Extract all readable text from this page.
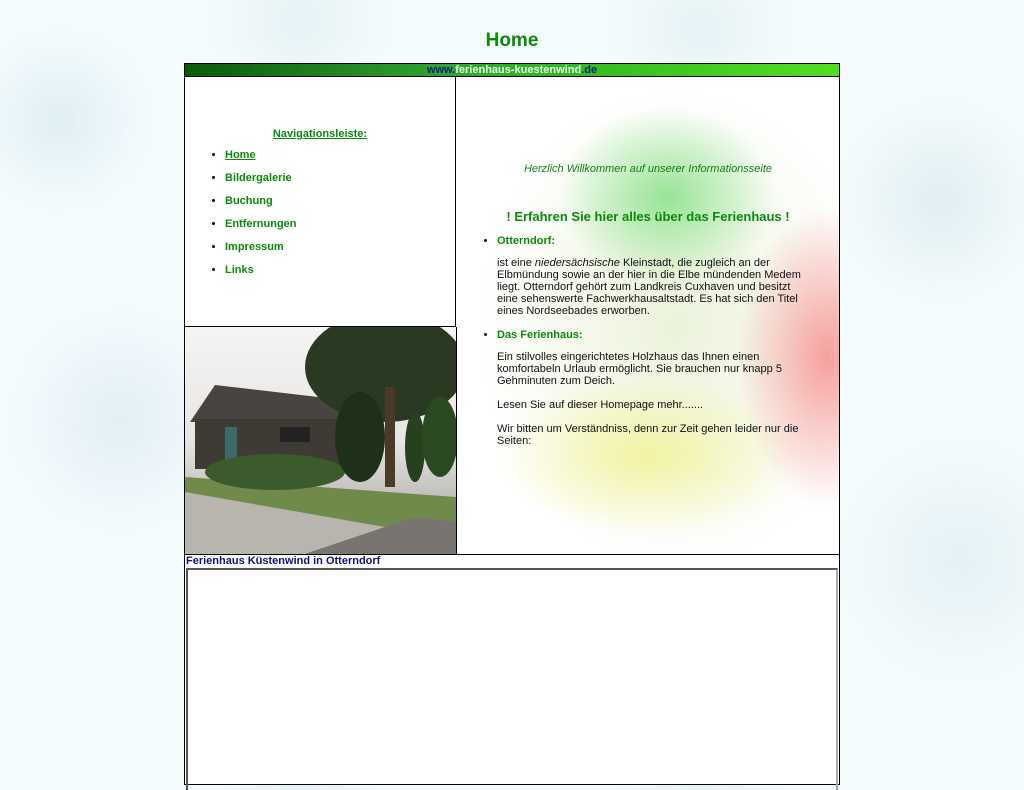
Home
www.ferienhaus-kuestenwind.de
Navigationsleiste:
• Home
• Bildergalerie
• Buchung
• Entfernungen
• Impressum
• Links
Herzlich Willkommen auf unserer Informationsseite
! Erfahren Sie hier alles über das Ferienhaus !
• Otterndorf:

ist eine niedersächsische Kleinstadt, die zugleich an der Elbmündung sowie an der hier in die Elbe mündenden Medem liegt. Otterndorf gehört zum Landkreis Cuxhaven und besitzt eine sehenswerte Fachwerkhausaltstadt. Es hat sich den Titel eines Nordseebades erworben.

• Das Ferienhaus:

Ein stilvolles eingerichtetes Holzhaus das Ihnen einen komfortabeln Urlaub ermöglicht. Sie brauchen nur knapp 5 Gehminuten zum Deich.

Lesen Sie auf dieser Homepage mehr.......

Wir bitten um Verständniss, denn zur Zeit gehen leider nur die Seiten:

Ferienhaus Küstenwind in Otterndorf
